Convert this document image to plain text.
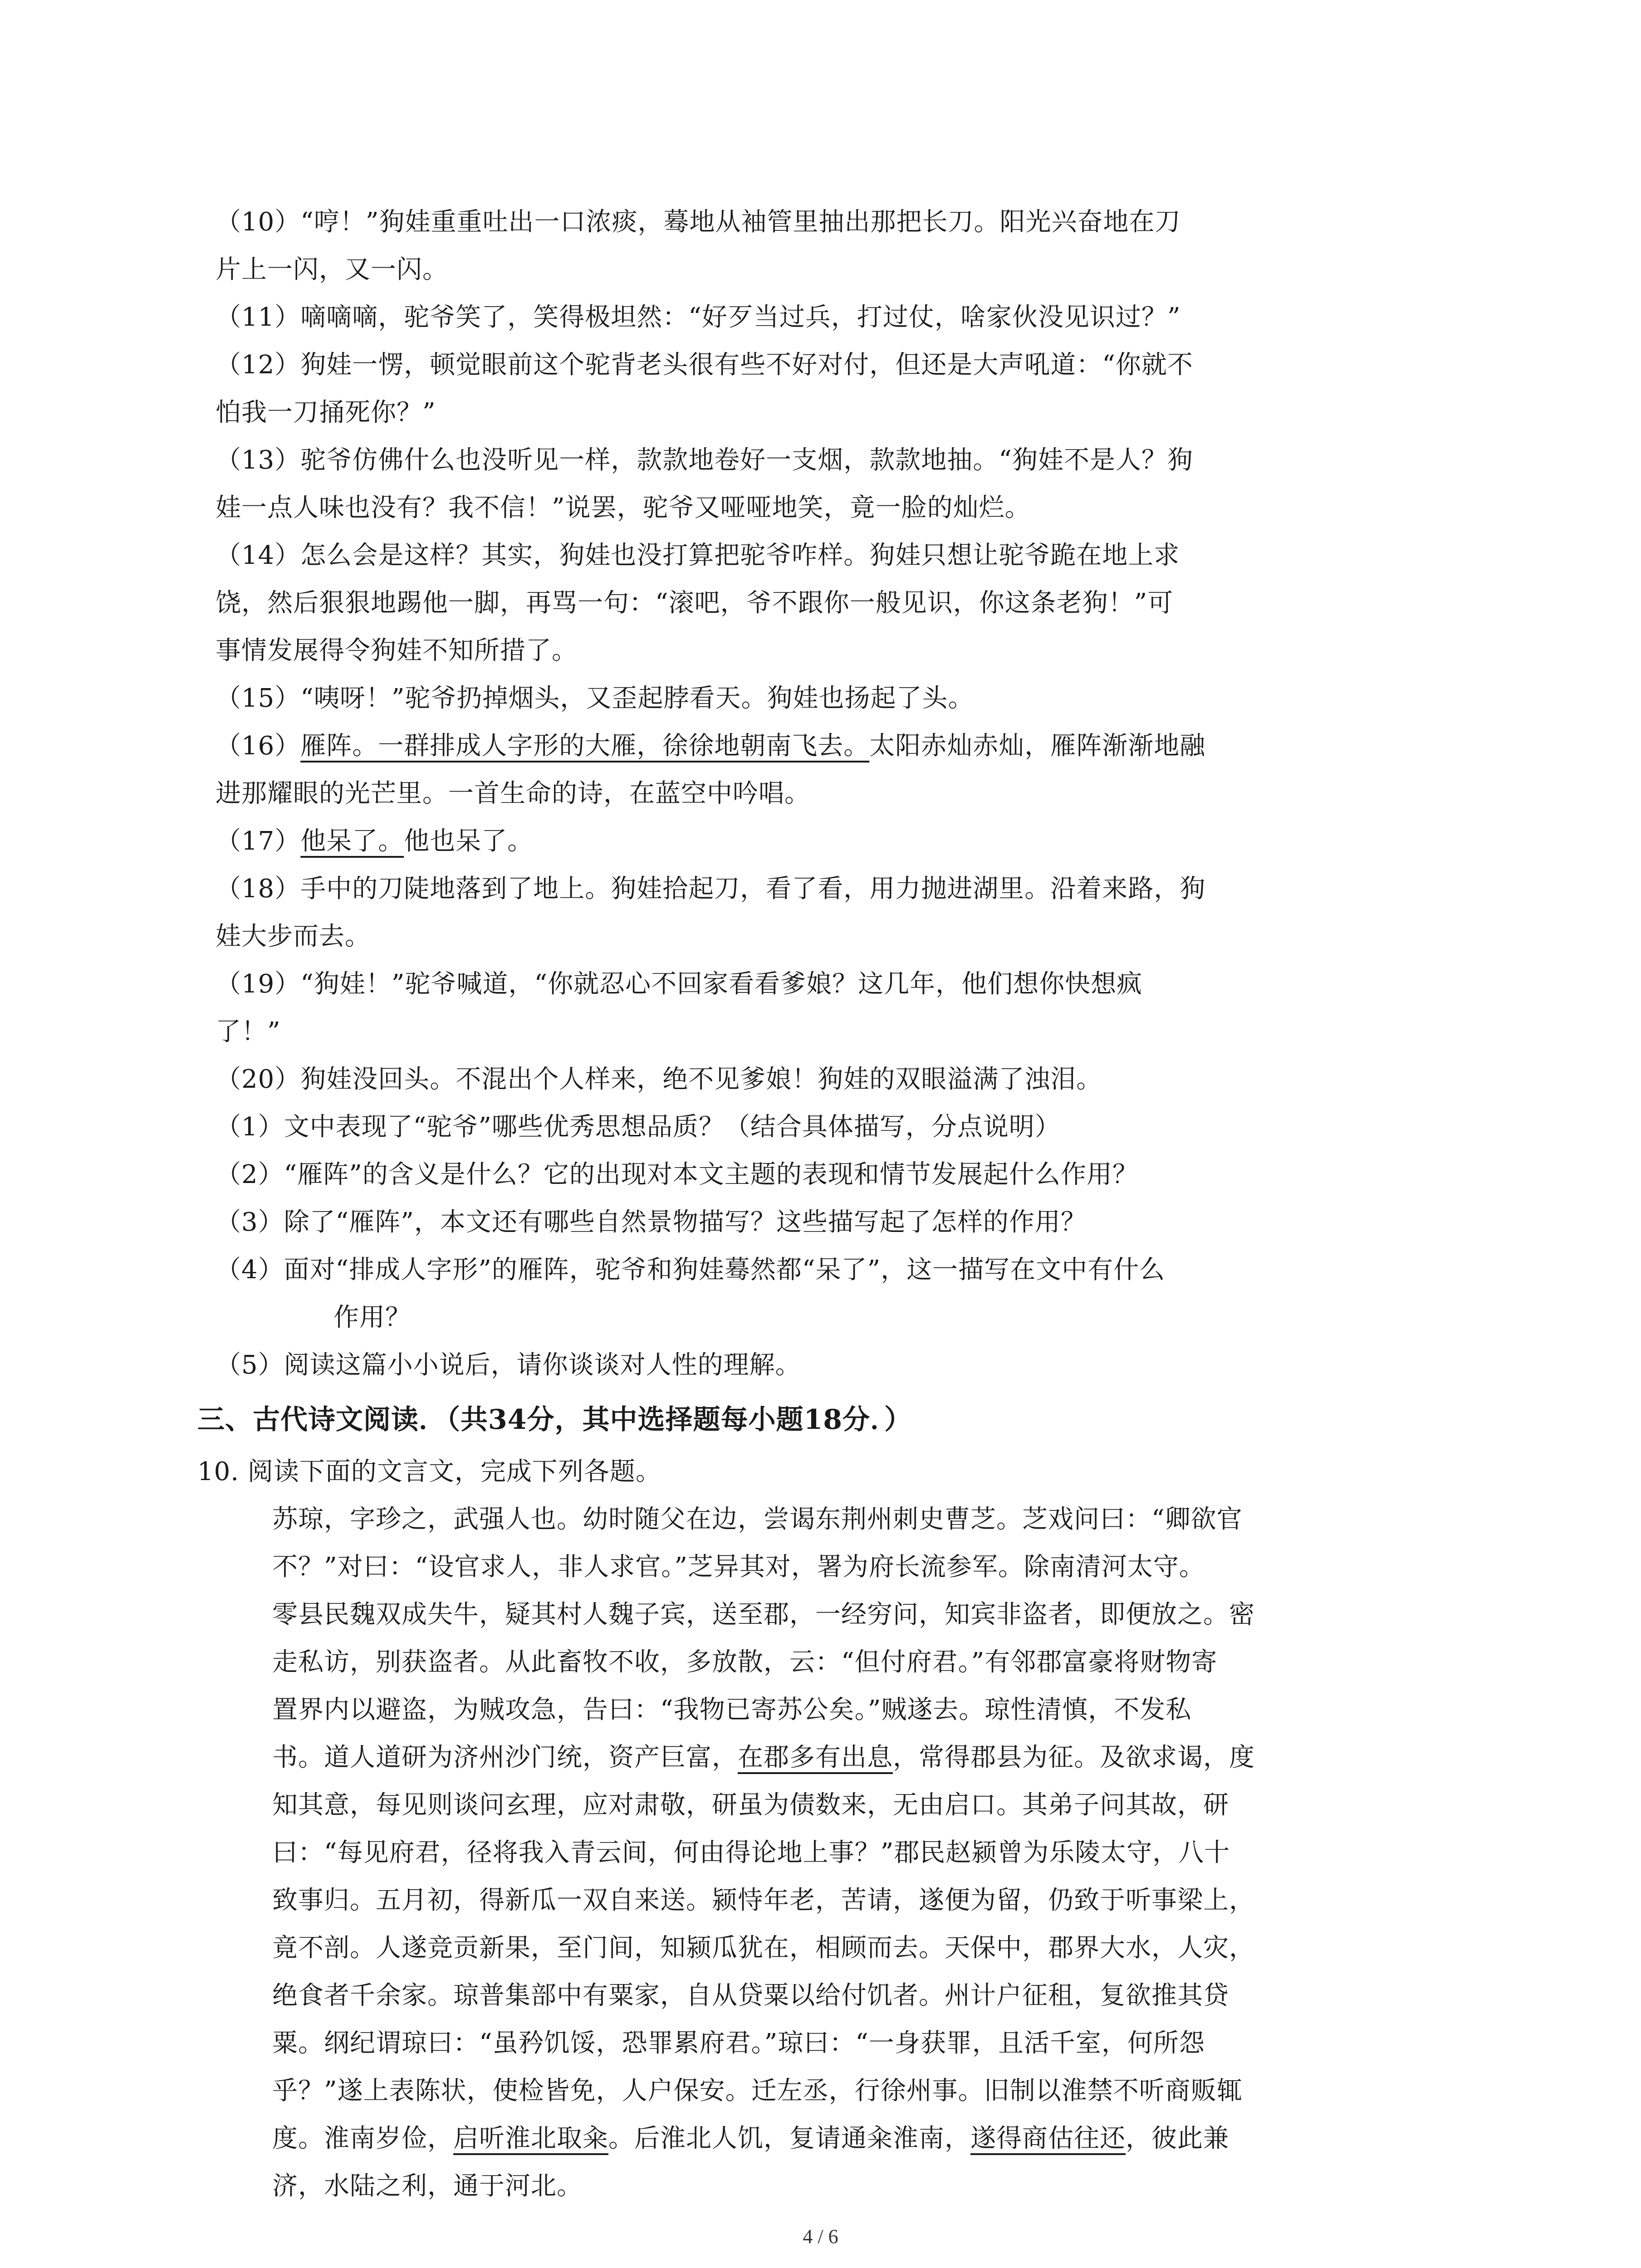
（10）“哼！”狗娃重重吐出一口浓痰，蓦地从袖管里抽出那把长刀。阳光兴奋地在刀
片上一闪，又一闪。
（11）嘀嘀嘀，驼爷笑了，笑得极坦然：“好歹当过兵，打过仗，啥家伙没见识过？”
（12）狗娃一愣，顿觉眼前这个驼背老头很有些不好对付，但还是大声吼道：“你就不
怕我一刀捅死你？”
（13）驼爷仿佛什么也没听见一样，款款地卷好一支烟，款款地抽。“狗娃不是人？狗
娃一点人味也没有？我不信！”说罢，驼爷又哑哑地笑，竟一脸的灿烂。
（14）怎么会是这样？其实，狗娃也没打算把驼爷咋样。狗娃只想让驼爷跪在地上求
饶，然后狠狠地踢他一脚，再骂一句：“滚吧，爷不跟你一般见识，你这条老狗！”可
事情发展得令狗娃不知所措了。
（15）“咦呀！”驼爷扔掉烟头，又歪起脖看天。狗娃也扬起了头。
（16）雁阵。一群排成人字形的大雁，徐徐地朝南飞去。太阳赤灿赤灿，雁阵渐渐地融
进那耀眼的光芒里。一首生命的诗，在蓝空中吟唱。
（17）他呆了。他也呆了。
（18）手中的刀陡地落到了地上。狗娃拾起刀，看了看，用力抛进湖里。沿着来路，狗
娃大步而去。
（19）“狗娃！”驼爷喊道，“你就忍心不回家看看爹娘？这几年，他们想你快想疯
了！”
（20）狗娃没回头。不混出个人样来，绝不见爹娘！狗娃的双眼溢满了浊泪。
（1）文中表现了“驼爷”哪些优秀思想品质？（结合具体描写，分点说明）
（2）“雁阵”的含义是什么？它的出现对本文主题的表现和情节发展起什么作用？
（3）除了“雁阵”，本文还有哪些自然景物描写？这些描写起了怎样的作用？
（4）面对“排成人字形”的雁阵，驼爷和狗娃蓦然都“呆了”，这一描写在文中有什么
作用？
（5）阅读这篇小小说后，请你谈谈对人性的理解。
三、古代诗文阅读．（共34分，其中选择题每小题18分．）
10. 阅读下面的文言文，完成下列各题。
苏琼，字珍之，武强人也。幼时随父在边，尝谒东荆州刺史曹芝。芝戏问曰：“卿欲官
不？”对曰：“设官求人，非人求官。”芝异其对，署为府长流参军。除南清河太守。
零县民魏双成失牛，疑其村人魏子宾，送至郡，一经穷问，知宾非盗者，即便放之。密
走私访，别获盗者。从此畜牧不收，多放散，云：“但付府君。”有邻郡富豪将财物寄
置界内以避盗，为贼攻急，告曰：“我物已寄苏公矣。”贼遂去。琼性清慎，不发私
书。道人道研为济州沙门统，资产巨富，在郡多有出息，常得郡县为征。及欲求谒，度
知其意，每见则谈问玄理，应对肃敬，研虽为债数来，无由启口。其弟子问其故，研
曰：“每见府君，径将我入青云间，何由得论地上事？”郡民赵颍曾为乐陵太守，八十
致事归。五月初，得新瓜一双自来送。颍恃年老，苦请，遂便为留，仍致于听事梁上，
竟不剖。人遂竞贡新果，至门间，知颍瓜犹在，相顾而去。天保中，郡界大水，人灾，
绝食者千余家。琼普集部中有粟家，自从贷粟以给付饥者。州计户征租，复欲推其贷
粟。纲纪谓琼曰：“虽矜饥馁，恐罪累府君。”琼曰：“一身获罪，且活千室，何所怨
乎？”遂上表陈状，使检皆免，人户保安。迁左丞，行徐州事。旧制以淮禁不听商贩辄
度。淮南岁俭，启听淮北取籴。后淮北人饥，复请通籴淮南，遂得商估往还，彼此兼
济，水陆之利，通于河北。
4 / 6
